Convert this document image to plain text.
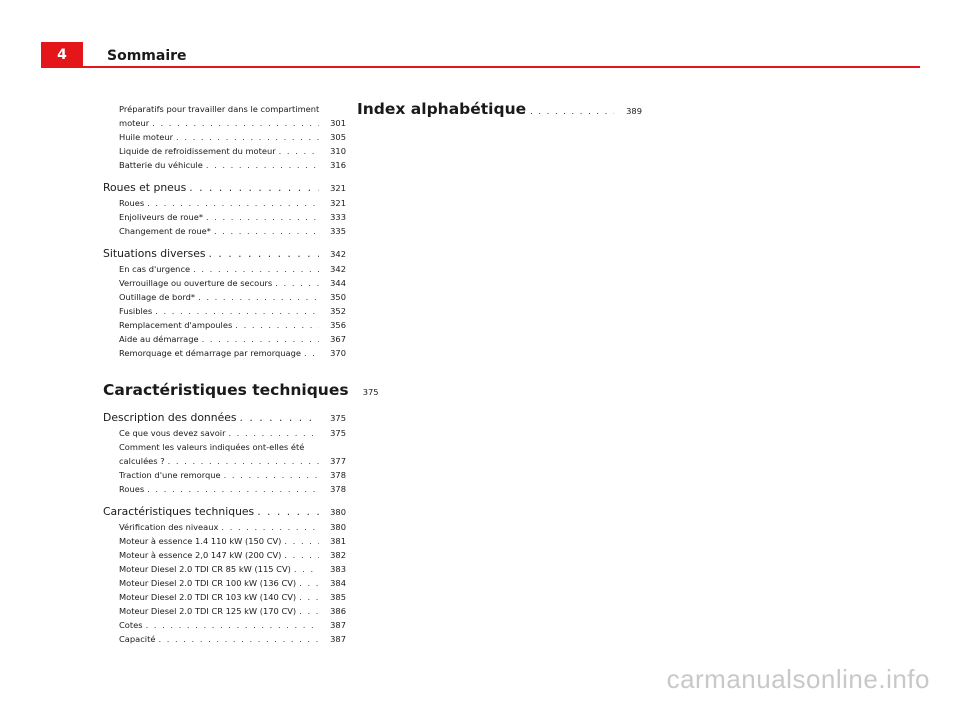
4	Sommaire
Préparatifs pour travailler dans le compartiment
moteur . . .	301
Huile moteur . . .	305
Liquide de refroidissement du moteur . . .	310
Batterie du véhicule . . .	316
Roues et pneus . . .	321
Roues . . .	321
Enjoliveurs de roue* . . .	333
Changement de roue* . . .	335
Situations diverses . . .	342
En cas d'urgence . . .	342
Verrouillage ou ouverture de secours . . .	344
Outillage de bord* . . .	350
Fusibles . . .	352
Remplacement d'ampoules . . .	356
Aide au démarrage . . .	367
Remorquage et démarrage par remorquage . . .	370
Caractéristiques techniques	375
Description des données . . .	375
Ce que vous devez savoir . . .	375
Comment les valeurs indiquées ont-elles été
calculées ? . . .	377
Traction d'une remorque . . .	378
Roues . . .	378
Caractéristiques techniques . . .	380
Vérification des niveaux . . .	380
Moteur à essence 1.4 110 kW (150 CV) . . .	381
Moteur à essence 2,0 147 kW (200 CV) . . .	382
Moteur Diesel 2.0 TDI CR 85 kW (115 CV) . . .	383
Moteur Diesel 2.0 TDI CR 100 kW (136 CV) . . .	384
Moteur Diesel 2.0 TDI CR 103 kW (140 CV) . . .	385
Moteur Diesel 2.0 TDI CR 125 kW (170 CV) . . .	386
Cotes . . .	387
Capacité . . .	387
Index alphabétique . . .	389
carmanualsonline.info
